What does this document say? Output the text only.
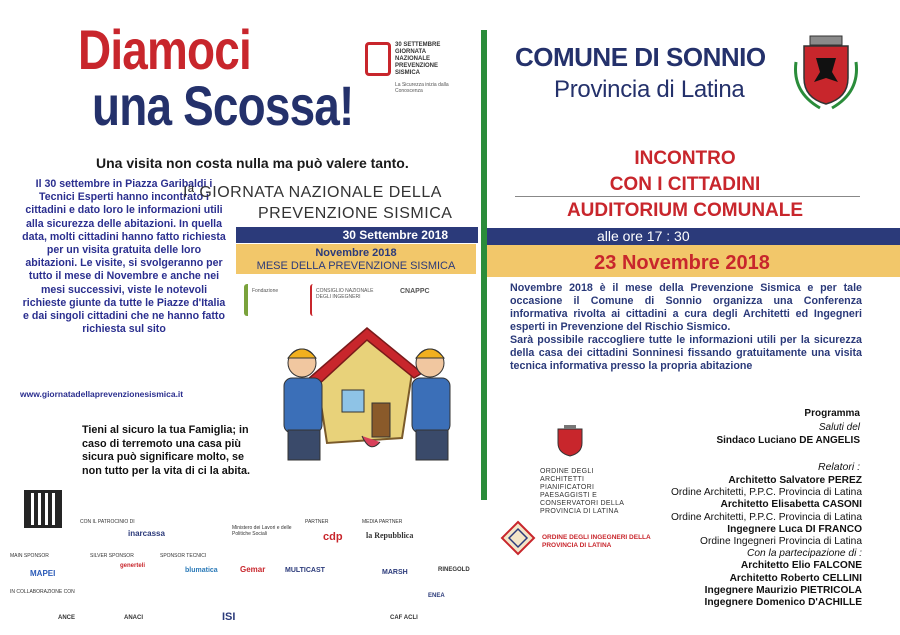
Diamoci
una Scossa!
30 SETTEMBRE GIORNATA NAZIONALE PREVENZIONE SISMICA
La Sicurezza inizia dalla Conoscenza
Una visita non costa nulla ma può valere tanto.
Il 30 settembre in Piazza Garibaldi i Tecnici Esperti hanno incontrato i cittadini e dato loro le informazioni utili alla sicurezza delle abitazioni. In quella data, molti cittadini hanno fatto richiesta per un visita gratuita delle loro abitazioni. Le visite, si svolgeranno per tutto il mese di Novembre e anche nei mesi successivi, viste le notevoli richieste giunte da tutte le Piazze d'Italia e dai singoli cittadini che ne hanno fatto richiesta sul sito
www.giornatadellaprevenzionesismica.it
Tieni al sicuro la tua Famiglia; in caso di terremoto una casa più sicura può significare molto, se non tutto per la vita di ci la abita.
Iª GIORNATA NAZIONALE DELLA
PREVENZIONE SISMICA
30 Settembre 2018
Novembre 2018
MESE DELLA PREVENZIONE SISMICA
Fondazione	CONSIGLIO NAZIONALE DEGLI INGEGNERI
CNAPPC
CON IL PATROCINIO DI
MAIN SPONSOR	SILVER SPONSOR	SPONSOR TECNICI
PARTNER	MEDIA PARTNER
IN COLLABORAZIONE CON
inarcassa
Ministero dei Lavori e delle Politiche Sociali	cdp	la Repubblica
MAPEI
generteli
blumatica	Gemar	MULTICAST	MARSH	RINEGOLD
ANCE	ANACI	ISI	CAF ACLI
ENEA
COMUNE DI SONNIO
Provincia di Latina
INCONTRO
CON I CITTADINI
AUDITORIUM COMUNALE
alle ore 17 : 30
23 Novembre 2018
Novembre 2018 è il mese della Prevenzione Sismica e per tale occasione il Comune di Sonnio organizza una Conferenza informativa rivolta ai cittadini a cura degli Architetti ed Ingegneri esperti in Prevenzione del Rischio Sismico.
Sarà possibile raccogliere tutte le informazioni utili per la sicurezza della casa dei cittadini Sonninesi fissando gratuitamente una visita tecnica informativa presso la propria abitazione
Programma
Saluti del
Sindaco Luciano DE ANGELIS
Relatori :
Architetto Salvatore PEREZ
Ordine Architetti, P.P.C. Provincia di Latina
Architetto Elisabetta CASONI
Ordine Architetti, P.P.C. Provincia di Latina
Ingegnere Luca DI FRANCO
Ordine Ingegneri Provincia di Latina
Con la partecipazione di :
Architetto Elio FALCONE
Architetto Roberto CELLINI
Ingegnere Maurizio PIETRICOLA
Ingegnere Domenico D'ACHILLE
ORDINE DEGLI ARCHITETTI PIANIFICATORI PAESAGGISTI E CONSERVATORI DELLA PROVINCIA DI LATINA
ORDINE DEGLI INGEGNERI DELLA PROVINCIA DI LATINA
